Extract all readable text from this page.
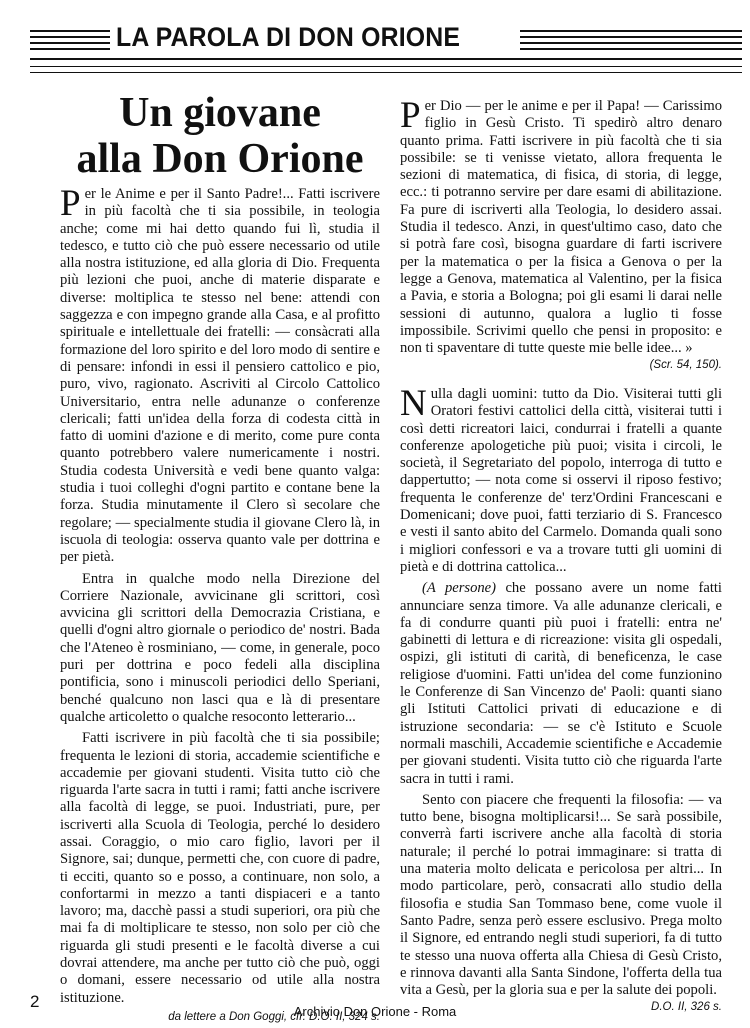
LA PAROLA DI DON ORIONE
Un giovane
alla Don Orione

Per le Anime e per il Santo Padre!... Fatti iscrivere in più facoltà che ti sia possibile, in teologia anche; come mi hai detto quando fui lì, studia il tedesco, e tutto ciò che può essere necessario od utile alla nostra istituzione, ed alla gloria di Dio. Frequenta più lezioni che puoi, anche di materie disparate e diverse: moltiplica te stesso nel bene: attendi con saggezza e con impegno grande alla Casa, e al profitto spirituale e intellettuale dei fratelli: — consàcrati alla formazione del loro spirito e del loro modo di sentire e di pensare: infondi in essi il pensiero cattolico e pio, puro, vivo, ragionato. Ascriviti al Circolo Cattolico Universitario, entra nelle adunanze o conferenze clericali; fatti un'idea della forza di codesta città in fatto di uomini d'azione e di merito, come pure conta quanto potrebbero valere numericamente i nostri. Studia codesta Università e vedi bene quanto valga: studia i tuoi colleghi d'ogni partito e contane bene la forza. Studia minutamente il Clero sì secolare che regolare; — specialmente studia il giovane Clero là, in iscuola di teologia: osserva quanto vale per dottrina e per pietà.

Entra in qualche modo nella Direzione del Corriere Nazionale, avvicinane gli scrittori, così avvicina gli scrittori della Democrazia Cristiana, e quelli d'ogni altro giornale o periodico de' nostri. Bada che l'Ateneo è rosminiano, — come, in generale, poco puri per dottrina e poco fedeli alla disciplina pontificia, sono i minuscoli periodici dello Speriani, benché qualcuno non lasci qua e là di presentare qualche articoletto o qualche resoconto letterario...

Fatti iscrivere in più facoltà che ti sia possibile; frequenta le lezioni di storia, accademie scientifiche e accademie per giovani studenti. Visita tutto ciò che riguarda l'arte sacra in tutti i rami; fatti anche iscrivere alla facoltà di legge, se puoi. Industriati, pure, per iscriverti alla Scuola di Teologia, perché lo desidero assai. Coraggio, o mio caro figlio, lavori per il Signore, sai; dunque, permetti che, con cuore di padre, ti ecciti, quanto so e posso, a continuare, non solo, a confortarmi in mezzo a tanti dispiaceri e a tanto lavoro; ma, dacchè passi a studi superiori, ora più che mai fa di moltiplicare te stesso, non solo per ciò che riguarda gli studi presenti e le facoltà diverse a cui dovrai attendere, ma anche per tutto ciò che può, oggi o domani, essere necessario od utile alla nostra istituzione.

da lettere a Don Goggi, cfr. D.O. II, 324 s.

Per Dio — per le anime e per il Papa! — Carissimo figlio in Gesù Cristo. Ti spedirò altro denaro quanto prima. Fatti iscrivere in più facoltà che ti sia possibile: se ti venisse vietato, allora frequenta le sezioni di matematica, di fisica, di storia, di legge, ecc.: ti potranno servire per dare esami di abilitazione. Fa pure di iscriverti alla Teologia, lo desidero assai. Studia il tedesco. Anzi, in quest'ultimo caso, dato che si potrà fare così, bisogna guardare di farti iscrivere per la matematica o per la fisica a Genova o per la legge a Genova, matematica al Valentino, per la fisica a Pavia, e storia a Bologna; poi gli esami li darai nelle sessioni di autunno, qualora a luglio ti fosse impossibile. Scrivimi quello che pensi in proposito: e non ti spaventare di tutte queste mie belle idee... »
(Scr. 54, 150).

Nulla dagli uomini: tutto da Dio. Visiterai tutti gli Oratori festivi cattolici della città, visiterai tutti i così detti ricreatori laici, condurrai i fratelli a quante conferenze apologetiche più puoi; visita i circoli, le società, il Segretariato del popolo, interroga di tutto e dappertutto; — nota come si osservi il riposo festivo; frequenta le conferenze de' terz'Ordini Francescani e Domenicani; dove puoi, fatti terziario di S. Francesco e vesti il santo abito del Carmelo. Domanda quali sono i migliori confessori e va a trovare tutti gli uomini di pietà e di dottrina cattolica...

(A persone) che possano avere un nome fatti annunciare senza timore. Va alle adunanze clericali, e fa di condurre quanti più puoi i fratelli: entra ne' gabinetti di lettura e di ricreazione: visita gli ospedali, ospizi, gli istituti di carità, di beneficenza, le case religiose d'uomini. Fatti un'idea del come funzionino le Conferenze di San Vincenzo de' Paoli: quanti siano gli Istituti Cattolici privati di educazione e di istruzione secondaria: — se c'è Istituto e Scuole normali maschili, Accademie scientifiche e Accademie per giovani studenti. Visita tutto ciò che riguarda l'arte sacra in tutti i rami.

Sento con piacere che frequenti la filosofia: — va tutto bene, bisogna moltiplicarsi!... Se sarà possibile, converrà farti iscrivere anche alla facoltà di storia naturale; il perché lo potrai immaginare: si tratta di una materia molto delicata e pericolosa per altri... In modo particolare, però, consacrati allo studio della filosofia e studia San Tommaso bene, come vuole il Santo Padre, senza però essere esclusivo. Prega molto il Signore, ed entrando negli studi superiori, fa di tutto te stesso una nuova offerta alla Chiesa di Gesù Cristo, e rinnova davanti alla Santa Sindone, l'offerta della tua vita a Gesù, per la gloria sua e per la salute dei popoli.
D.O. II, 326 s.

2
Archivio Don Orione - Roma
